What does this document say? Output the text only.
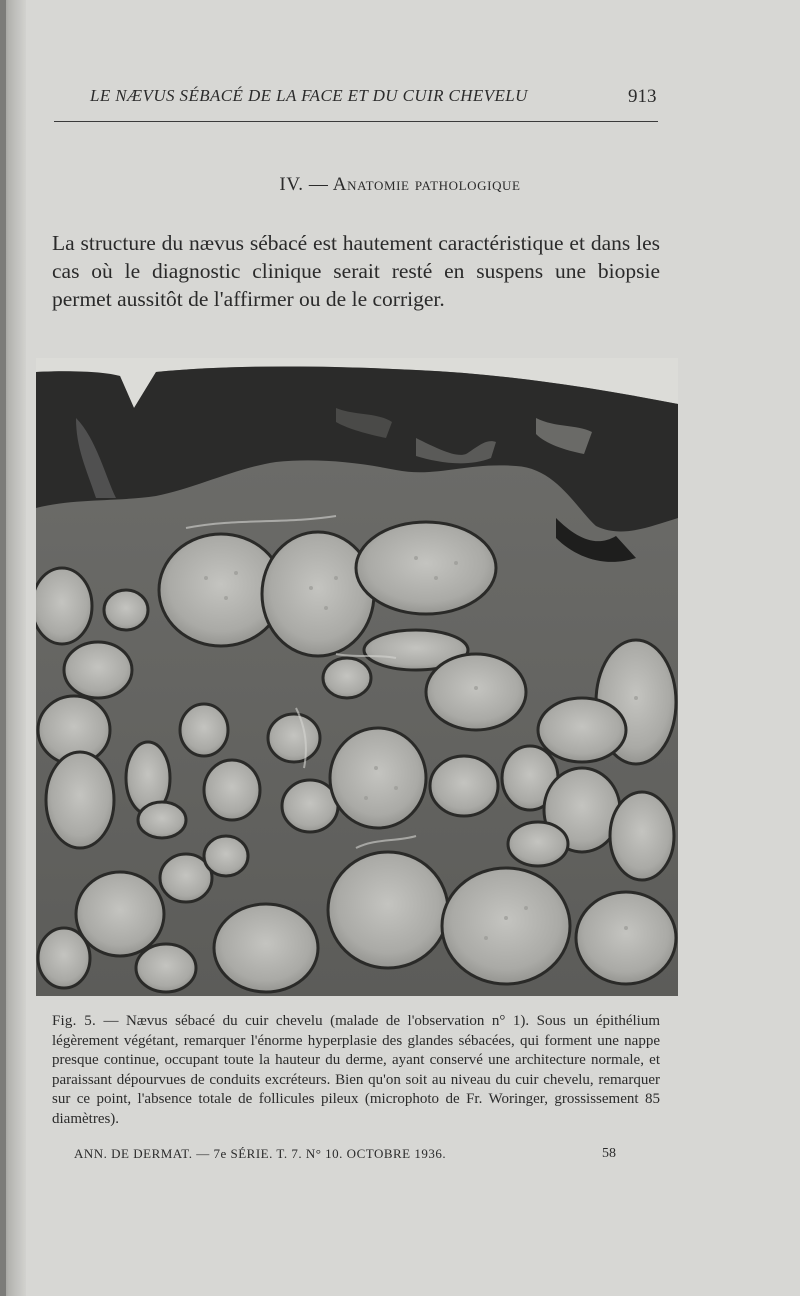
LE NÆVUS SÉBACÉ DE LA FACE ET DU CUIR CHEVELU	913
IV. — Anatomie pathologique
La structure du nævus sébacé est hautement caractéristique et dans les cas où le diagnostic clinique serait resté en suspens une biopsie permet aussitôt de l'affirmer ou de le corriger.
Fig. 5. — Nævus sébacé du cuir chevelu (malade de l'observation n° 1). Sous un épithélium légèrement végétant, remarquer l'énorme hyperplasie des glandes sébacées, qui forment une nappe presque continue, occupant toute la hauteur du derme, ayant conservé une architecture normale, et paraissant dépourvues de conduits excréteurs. Bien qu'on soit au niveau du cuir chevelu, remarquer sur ce point, l'absence totale de follicules pileux (microphoto de Fr. Woringer, grossissement 85 diamètres).
ANN. DE DERMAT. — 7e SÉRIE. T. 7. N° 10. OCTOBRE 1936.	58
